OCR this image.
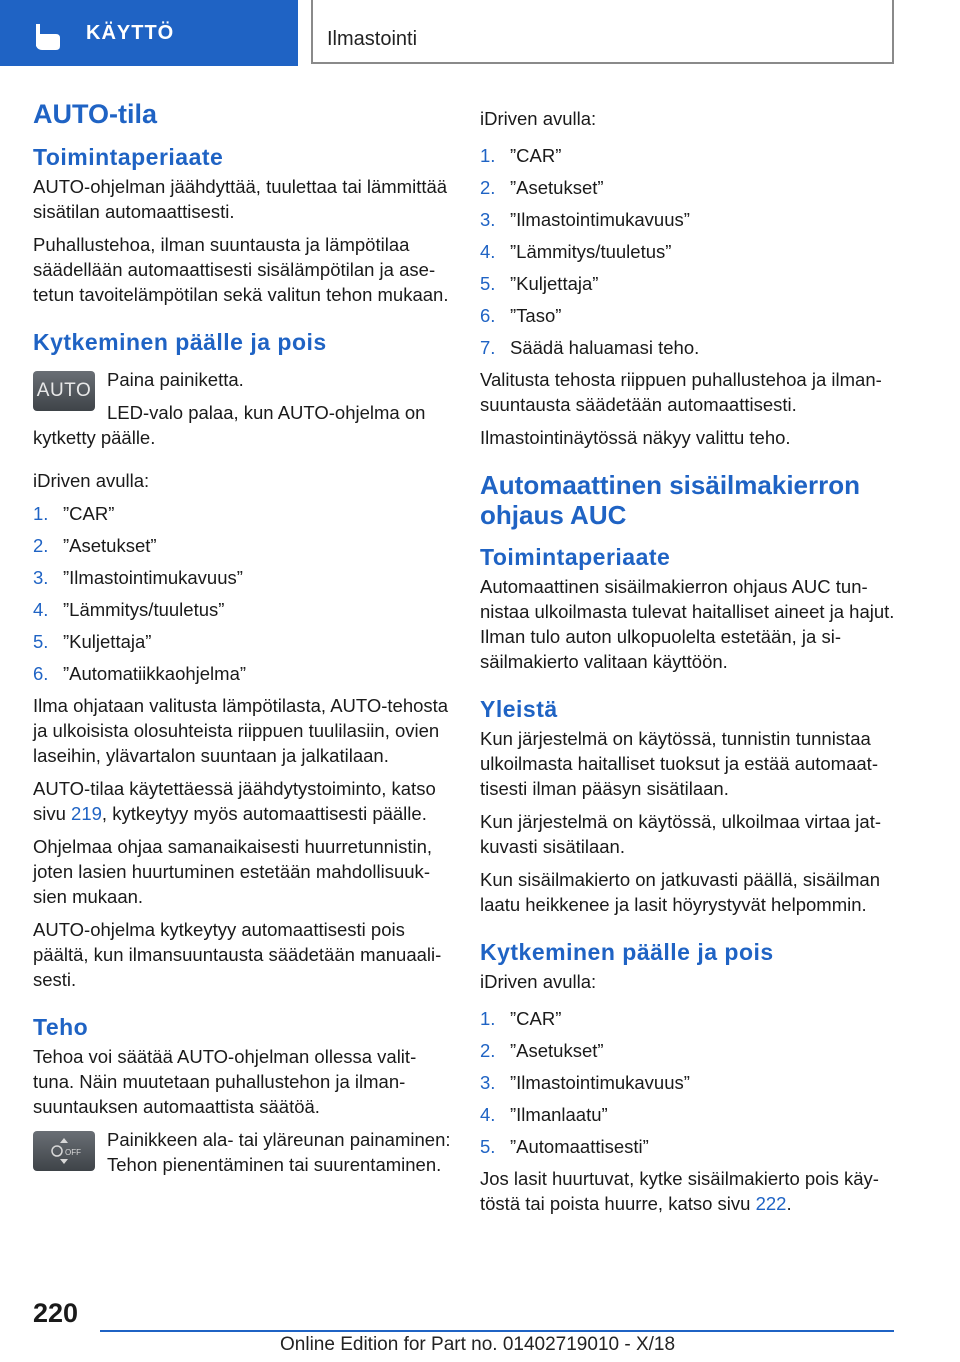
KÄYTTÖ	Ilmastointi
AUTO-tila
Toimintaperiaate

AUTO-ohjelman jäähdyttää, tuulettaa tai lämmittää sisätilan automaattisesti.

Puhallustehoa, ilman suuntausta ja lämpötilaa säädellään automaattisesti sisälämpötilan ja asetetun tavoitelämpötilan sekä valitun tehon mukaan.

Kytkeminen päälle ja pois
AUTO

Paina painiketta.

LED-valo palaa, kun AUTO-ohjelma on kytketty päälle.

iDriven avulla:

1. ”CAR”
2. ”Asetukset”
3. ”Ilmastointimukavuus”
4. ”Lämmitys/tuuletus”
5. ”Kuljettaja”
6. ”Automatiikkaohjelma”

Ilma ohjataan valitusta lämpötilasta, AUTO-tehosta ja ulkoisista olosuhteista riippuen tuulilasiin, ovien laseihin, ylävartalon suuntaan ja jalkatilaan.

AUTO-tilaa käytettäessä jäähdytystoiminto, katso sivu 219, kytkeytyy myös automaattisesti päälle.

Ohjelmaa ohjaa samanaikaisesti huurretunnistin, joten lasien huurtuminen estetään mahdollisuuksien mukaan.

AUTO-ohjelma kytkeytyy automaattisesti pois päältä, kun ilmansuuntausta säädetään manuaalisesti.

Teho

Tehoa voi säätää AUTO-ohjelman ollessa valittuna. Näin muutetaan puhallustehon ja ilmansuuntauksen automaattista säätöä.

OFF

Painikkeen ala- tai yläreunan painaminen: Tehon pienentäminen tai suurentaminen.

iDriven avulla:

1. ”CAR”
2. ”Asetukset”
3. ”Ilmastointimukavuus”
4. ”Lämmitys/tuuletus”
5. ”Kuljettaja”
6. ”Taso”
7. Säädä haluamasi teho.

Valitusta tehosta riippuen puhallustehoa ja ilmansuuntausta säädetään automaattisesti.

Ilmastointinäytössä näkyy valittu teho.

Automaattinen sisäilmakierron ohjaus AUC
Toimintaperiaate

Automaattinen sisäilmakierron ohjaus AUC tunnistaa ulkoilmasta tulevat haitalliset aineet ja hajut. Ilman tulo auton ulkopuolelta estetään, ja sisäilmakierto valitaan käyttöön.

Yleistä

Kun järjestelmä on käytössä, tunnistin tunnistaa ulkoilmasta haitalliset tuoksut ja estää automaattisesti ilman pääsyn sisätilaan.

Kun järjestelmä on käytössä, ulkoilmaa virtaa jatkuvasti sisätilaan.

Kun sisäilmakierto on jatkuvasti päällä, sisäilman laatu heikkenee ja lasit höyrystyvät helpommin.

Kytkeminen päälle ja pois

iDriven avulla:

1. ”CAR”
2. ”Asetukset”
3. ”Ilmastointimukavuus”
4. ”Ilmanlaatu”
5. ”Automaattisesti”

Jos lasit huurtuvat, kytke sisäilmakierto pois käytöstä tai poista huurre, katso sivu 222.

220
Online Edition for Part no. 01402719010 - X/18
